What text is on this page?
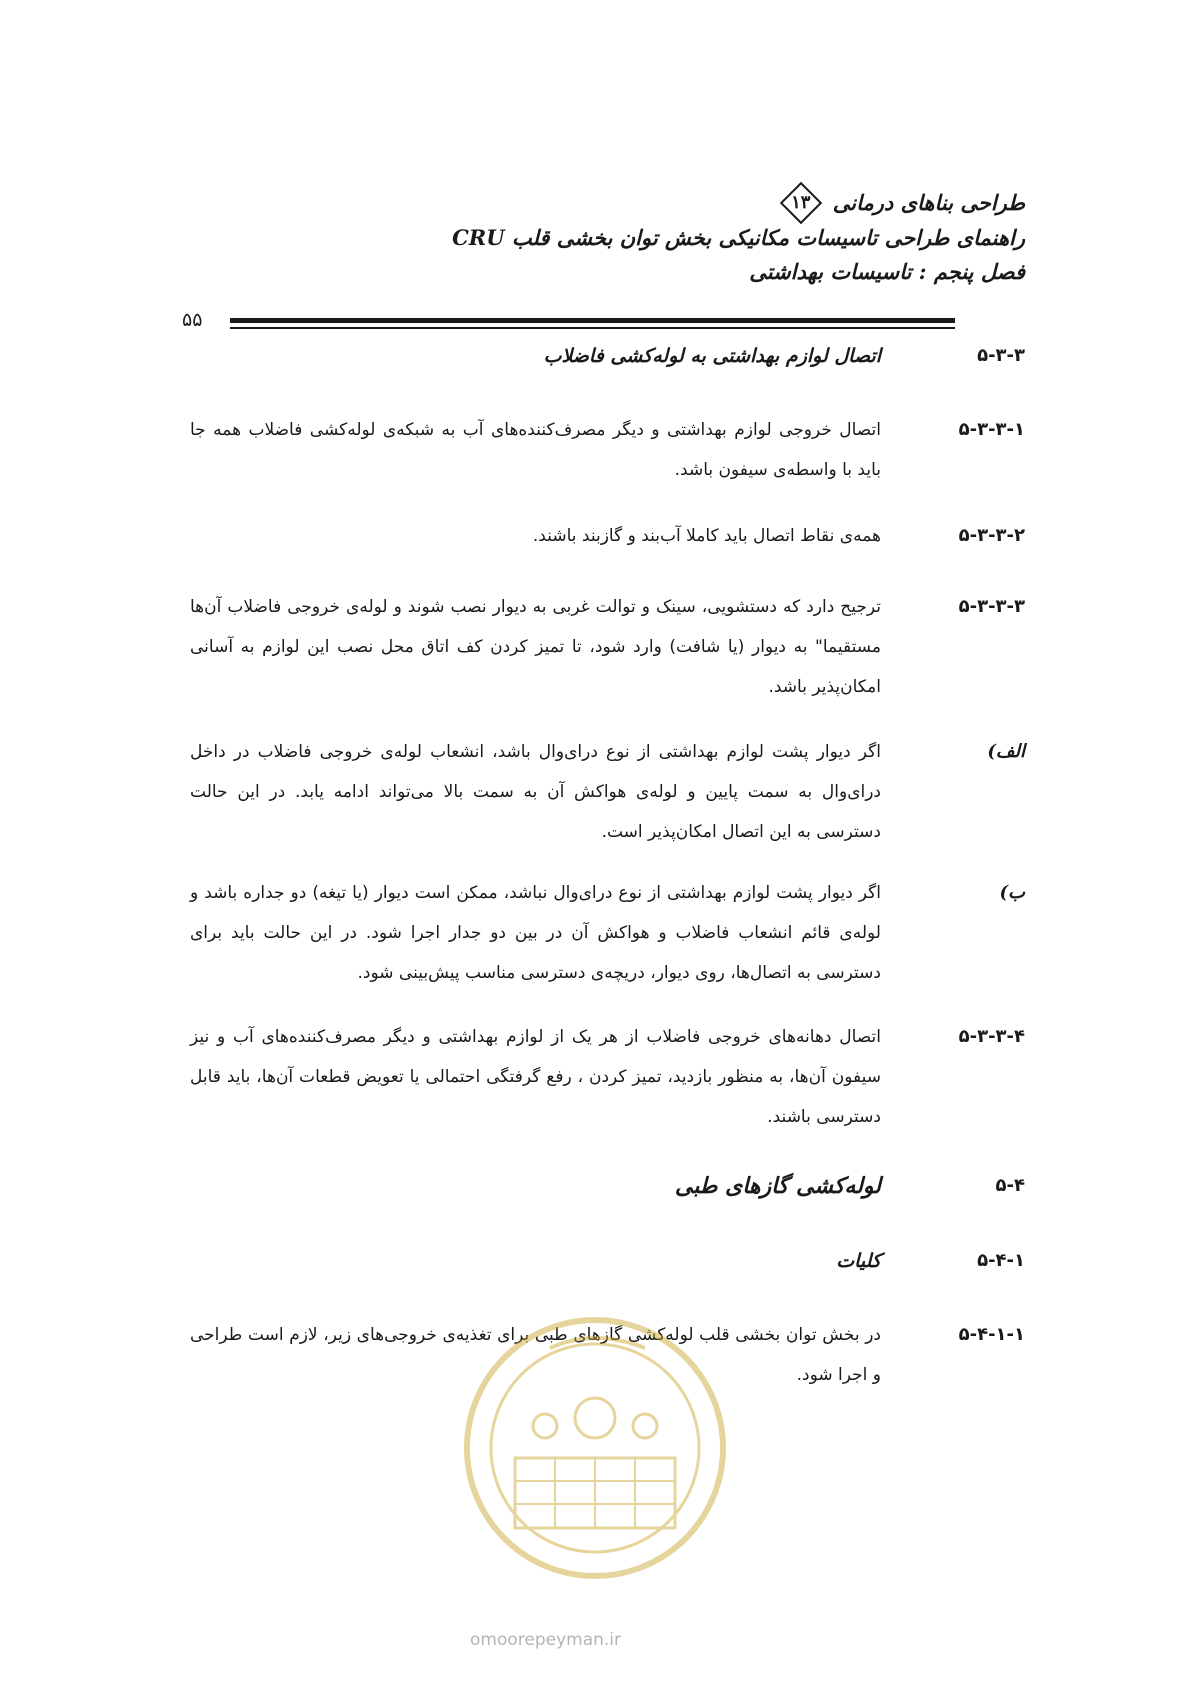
طراحی بناهای درمانی
۱۳
راهنمای طراحی تاسیسات مکانیکی بخش توان بخشی قلب CRU
فصل پنجم : تاسیسات بهداشتی
۵۵
۵-۳-۳
اتصال لوازم بهداشتی به لوله‌کشی فاضلاب
۵-۳-۳-۱
اتصال خروجی لوازم بهداشتی و دیگر مصرف‌کننده‌های آب به شبکه‌ی لوله‌کشی فاضلاب همه جا باید با واسطه‌ی سیفون باشد.
۵-۳-۳-۲
همه‌ی نقاط اتصال باید کاملا آب‌بند و گازبند باشند.
۵-۳-۳-۳
ترجیح دارد که دستشویی، سینک و توالت غربی به دیوار نصب شوند و لوله‌ی خروجی فاضلاب آن‌ها مستقیما" به دیوار (یا شافت) وارد شود، تا تمیز کردن کف اتاق محل نصب این لوازم به آسانی امکان‌پذیر باشد.
الف)
اگر دیوار پشت لوازم بهداشتی از نوع درای‌وال باشد، انشعاب لوله‌ی خروجی فاضلاب در داخل درای‌وال به سمت پایین و لوله‌ی هواکش آن به سمت بالا می‌تواند ادامه یابد. در این حالت دسترسی به این اتصال امکان‌پذیر است.
ب)
اگر دیوار پشت لوازم بهداشتی از نوع درای‌وال نباشد، ممکن است دیوار (یا تیغه) دو جداره باشد و لوله‌ی قائم انشعاب فاضلاب و هواکش آن در بین دو جدار اجرا شود. در این حالت باید برای دسترسی به اتصال‌ها، روی دیوار، دریچه‌ی دسترسی مناسب پیش‌بینی شود.
۵-۳-۳-۴
اتصال دهانه‌های خروجی فاضلاب از هر یک از لوازم بهداشتی و دیگر مصرف‌کننده‌های آب و نیز سیفون آن‌ها، به منظور بازدید، تمیز کردن ، رفع گرفتگی احتمالی یا تعویض قطعات آن‌ها، باید قابل دسترسی باشند.
۵-۴
لوله‌کشی گازهای طبی
۵-۴-۱
کلیات
۵-۴-۱-۱
در بخش توان بخشی قلب لوله‌کشی گازهای طبی برای تغذیه‌ی خروجی‌های زیر، لازم است طراحی و اجرا شود.
omoorepeyman.ir
